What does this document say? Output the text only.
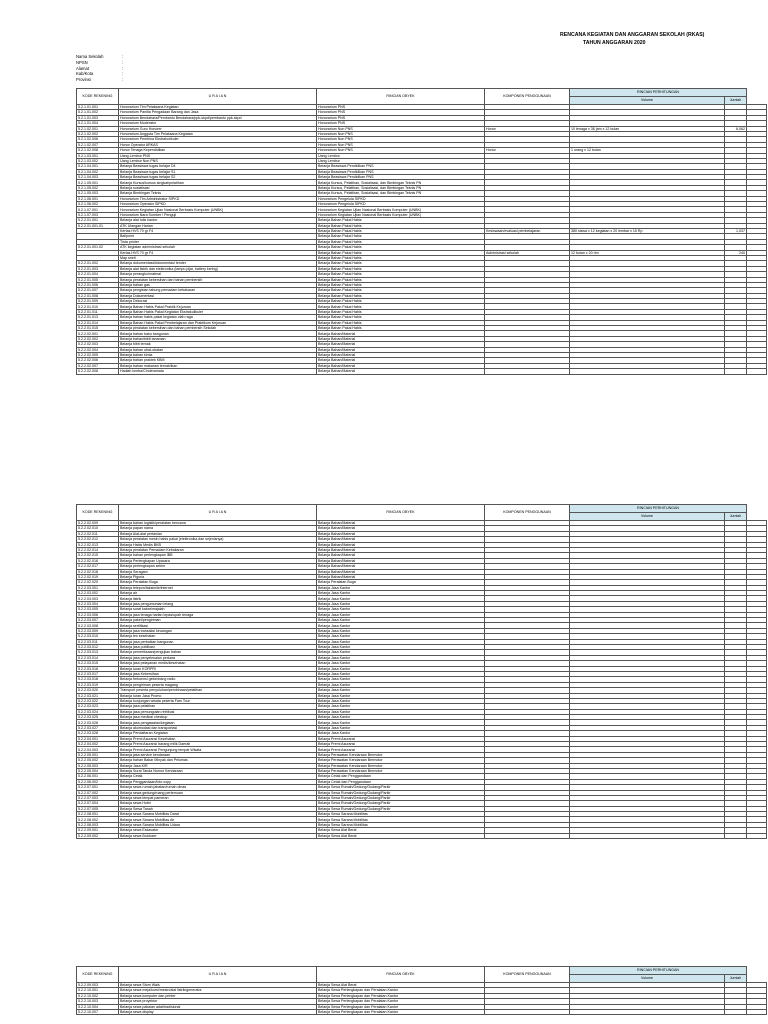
RENCANA KEGIATAN DAN ANGGARAN SEKOLAH (RKAS)
TAHUN ANGGARAN 2020
Nama Sekolah	:
NPSN	:
Alamat	:
Kab/Kota	:
Provinsi	:
KODE REKENING	U R A I A N	RINCIAN OBYEK	KOMPONEN PENGGUNAAN	RINCIAN PERHITUNGAN		
				Volume	Jumlah	
5.2.1.01.001	Honorarium Tim Pelaksana Kegiatan	Honorarium PNS				
5.2.1.01.002	Honorarium Panitia Pengadaan Barang dan Jasa	Honorarium PNS				
5.2.1.01.003	Honorarium Bendahara/Pembantu Bendahara/ppk-skpd/pembantu ppk-skpd	Honorarium PNS				
5.2.1.01.004	Honorarium Moderator	Honorarium PNS				
5.2.1.02.001	Honorarium Guru Honorer	Honorarium Non PNS	Honor	10 tenaga x 36 jam x 12 bulan	6,062	
5.2.1.02.002	Honorarium Anggota Tim Pelaksana Kegiatan	Honorarium Non PNS				
5.2.1.02.006	Honorarium Pembina Ekstrakurikuler	Honorarium Non PNS				
5.2.1.02.007	Honor Operator ARKAS	Honorarium Non PNS				
5.2.1.02.008	Honor Tenaga Kependidikan	Honorarium Non PNS	Honor	1 orang x 12 bulan		
5.2.1.03.001	Uang Lembur PNS	Uang Lembur				
5.2.1.03.002	Uang Lembur Non PNS	Uang Lembur				
5.2.1.04.001	Belanja Beasiswa tugas belajar D4	Belanja Beasiswa Pendidikan PNS				
5.2.1.04.002	Belanja Beasiswa tugas belajar S1	Belanja Beasiswa Pendidikan PNS				
5.2.1.04.003	Belanja Beasiswa tugas belajar S2	Belanja Beasiswa Pendidikan PNS				
5.2.1.05.001	Belanja Kursus/kursus singkat/pelatihan	Belanja Kursus, Pelatihan, Sosialisasi, dan Bimbingan Teknis PN				
5.2.1.05.002	Belanja sosialisasi	Belanja Kursus, Pelatihan, Sosialisasi, dan Bimbingan Teknis PN				
5.2.1.05.003	Belanja Bimbingan Teknis	Belanja Kursus, Pelatihan, Sosialisasi, dan Bimbingan Teknis PN				
5.2.1.06.001	Honorarium Tim Administrator SIPKD	Honorarium Pengelola SIPKD				
5.2.1.06.002	Honorarium Operator SIPKD	Honorarium Pengelola SIPKD				
5.2.1.07.001	Honorarium Kegiatan Ujian Nasional Berbasis Komputer (UNBK)	Honorarium Kegiatan Ujian Nasional Berbasis Komputer (UNBK)				
5.2.1.07.003	Honorarium Nara Sumber / Penguji	Honorarium Kegiatan Ujian Nasional Berbasis Komputer (UNBK)				
5.2.2.01.001	Belanja alat tulis kantor	Belanja Bahan Pakai Habis				
5.2.2.01.001.01	ATK Ulangan Harian	Belanja Bahan Pakai Habis				
	Kertas HVS 70 gr F4	Belanja Bahan Pakai Habis	Kesiswaan/evaluasi pembelajaran	380 siswa x 12 kegiatan x 20 lembar x 15 Rp	1,037	
	Ballpoint	Belanja Bahan Pakai Habis				
	Tinta printer	Belanja Bahan Pakai Habis				
5.2.2.01.001.02	ATK kegiatan administrasi sekolah	Belanja Bahan Pakai Habis				
	Kertas HVS 70 gr F4	Belanja Bahan Pakai Habis	Administrasi sekolah	12 bulan x 20 rim	240	
	Map snelt	Belanja Bahan Pakai Habis				
5.2.2.01.002	Belanja dokumentasi/dokumentasi tender	Belanja Bahan Pakai Habis				
5.2.2.01.003	Belanja alat listrik dan elektronika (lampu pijar, battery kering)	Belanja Bahan Pakai Habis				
5.2.2.01.004	Belanja perangko/materai	Belanja Bahan Pakai Habis				
5.2.2.01.005	Belanja peralatan kebersihan dan bahan pembersih	Belanja Bahan Pakai Habis				
5.2.2.01.006	Belanja bahan gas	Belanja Bahan Pakai Habis				
5.2.2.01.007	Belanja pengisian tabung pemadam kebakaran	Belanja Bahan Pakai Habis				
5.2.2.01.008	Belanja Dokumentasi	Belanja Bahan Pakai Habis				
5.2.2.01.009	Belanja Dekorasi	Belanja Bahan Pakai Habis				
5.2.2.01.010	Belanja Bahan Habis Pakai Praktik Kejuruan	Belanja Bahan Pakai Habis				
5.2.2.01.011	Belanja Bahan Habis Pakai Kegiatan Ekstrakulikuler	Belanja Bahan Pakai Habis				
5.2.2.01.013	Belanja bahan habis pakai kegiatan olah raga	Belanja Bahan Pakai Habis				
5.2.2.01.014	Belanja Bahan Habis Pakai Pembelajaran dan Praktikum Kejuruan	Belanja Bahan Pakai Habis				
5.2.2.01.015	Belanja peralatan kebersihan dan bahan pembersih Sekolah	Belanja Bahan Pakai Habis				
5.2.2.02.001	Belanja bahan baku bangunan	Belanja Bahan/Material				
5.2.2.02.002	Belanja bahan/bibit tanaman	Belanja Bahan/Material				
5.2.2.02.003	Belanja bibit ternak	Belanja Bahan/Material				
5.2.2.02.004	Belanja bahan obat-obatan	Belanja Bahan/Material				
5.2.2.02.005	Belanja bahan kimia	Belanja Bahan/Material				
5.2.2.02.006	Belanja bahan praktek KBM	Belanja Bahan/Material				
5.2.2.02.007	Belanja bahan makanan ternak/ikan	Belanja Bahan/Material				
5.2.2.02.008	Hadiah lomba/Cinderamata	Belanja Bahan/Material				
KODE REKENING	U R A I A N	RINCIAN OBYEK	KOMPONEN PENGGUNAAN	RINCIAN PERHITUNGAN		
				Volume	Jumlah	
5.2.2.02.009	Belanja bahan logistik/peralatan bencana	Belanja Bahan/Material				
5.2.2.02.010	Belanja papan nama	Belanja Bahan/Material				
5.2.2.02.011	Belanja Alat-alat pertanian	Belanja Bahan/Material				
5.2.2.02.012	Belanja peralatan mesin habis pakai (elektronika dan sejenisnya)	Belanja Bahan/Material				
5.2.2.02.013	Belanja Habis Medis BKB	Belanja Bahan/Material				
5.2.2.02.014	Belanja peralatan Pemadam Kebakaran	Belanja Bahan/Material				
5.2.2.02.015	Belanja bahan perlengkapan IBB	Belanja Bahan/Material				
5.2.2.02.016	Belanja Perlengkapan Upacara	Belanja Bahan/Material				
5.2.2.02.017	Belanja perlengkapan sekim	Belanja Bahan/Material				
5.2.2.02.018	Belanja Seragam	Belanja Bahan/Material				
5.2.2.02.019	Belanja Piguria	Belanja Bahan/Material				
5.2.2.02.020	Belanja Peralatan Buga	Belanja Peralatan Buga				
5.2.2.03.001	Belanja telepon/faksimile/internet	Belanja Jasa Kantor				
5.2.2.03.002	Belanja air	Belanja Jasa Kantor				
5.2.2.03.003	Belanja listrik	Belanja Jasa Kantor				
5.2.2.03.004	Belanja jasa pengumuman lelang	Belanja Jasa Kantor				
5.2.2.03.005	Belanja surat kabar/majalah	Belanja Jasa Kantor				
5.2.2.03.006	Belanja jasa tenaga harian lepas/upah tenaga	Belanja Jasa Kantor				
5.2.2.03.007	Belanja paket/pengiriman	Belanja Jasa Kantor				
5.2.2.03.008	Belanja sertifikasi	Belanja Jasa Kantor				
5.2.2.03.009	Belanja jasa transaksi keuangan	Belanja Jasa Kantor				
5.2.2.03.010	Belanja tes kesehatan	Belanja Jasa Kantor				
5.2.2.03.011	Belanja jasa perbaikan bangunan	Belanja Jasa Kantor				
5.2.2.03.012	Belanja jasa publikasi	Belanja Jasa Kantor				
5.2.2.03.013	Belanja pemeriksaan/pengujian bahan	Belanja Jasa Kantor				
5.2.2.03.014	Belanja jasa penyelesaian perkara	Belanja Jasa Kantor				
5.2.2.03.015	Belanja jasa pelayanan medis/kesehatan	Belanja Jasa Kantor				
5.2.2.03.016	Belanja Iuran KORPRI	Belanja Jasa Kantor				
5.2.2.03.017	Belanja jasa Kebersihan	Belanja Jasa Kantor				
5.2.2.03.018	Belanja frekuensi gelombang radio	Belanja Jasa Kantor				
5.2.2.03.019	Belanja pengiriman peserta magang	Belanja Jasa Kantor				
5.2.2.03.020	Transport peserta penyuluhan/pembinaan/pelatihan	Belanja Jasa Kantor				
5.2.2.03.021	Belanja Iuran Jasa Promo	Belanja Jasa Kantor				
5.2.2.03.022	Belanja kunjungan wisata peserta Fam Tour	Belanja Jasa Kantor				
5.2.2.03.023	Belanja jasa pelatihan	Belanja Jasa Kantor				
5.2.2.03.024	Belanja jasa pemungutan retribusi	Belanja Jasa Kantor				
5.2.2.03.025	Belanja jasa medical checkup	Belanja Jasa Kantor				
5.2.2.03.026	Belanja jasa pengawalan/kegiatan	Belanja Jasa Kantor				
5.2.2.03.027	Belanja akomodasi dan transportasi	Belanja Jasa Kantor				
5.2.2.03.028	Belanja Pendaftaran Kegiatan	Belanja Jasa Kantor				
5.2.2.04.001	Belanja Premi Asuransi Kesehatan	Belanja Premi Asuransi				
5.2.2.04.002	Belanja Premi Asuransi barang milik Daerah	Belanja Premi Asuransi				
5.2.2.04.003	Belanja Premi Asuransi Pengunjung tempat Wisata	Belanja Premi Asuransi				
5.2.2.05.001	Belanja jasa service kendaraan	Belanja Perawatan Kendaraan Bermotor				
5.2.2.05.002	Belanja bahan Bakar Minyak dan Pelumas	Belanja Perawatan Kendaraan Bermotor				
5.2.2.05.003	Belanja Jasa KIR	Belanja Perawatan Kendaraan Bermotor				
5.2.2.05.004	Belanja Surat Tanda Nomor Kendaraan	Belanja Perawatan Kendaraan Bermotor				
5.2.2.06.001	Belanja Cetak	Belanja Cetak dan Penggandaan				
5.2.2.06.002	Belanja Penggandaan/foto copy	Belanja Cetak dan Penggandaan				
5.2.2.07.001	Belanja sewa rumah jabatan/rumah dinas	Belanja Sewa Rumah/Gedung/Gudang/Parkir				
5.2.2.07.002	Belanja sewa gedung/ruang pertemuan	Belanja Sewa Rumah/Gedung/Gudang/Parkir				
5.2.2.07.003	Belanja sewa tempat pameran	Belanja Sewa Rumah/Gedung/Gudang/Parkir				
5.2.2.07.004	Belanja sewa Hotel	Belanja Sewa Rumah/Gedung/Gudang/Parkir				
5.2.2.07.005	Belanja Sewa Tanah	Belanja Sewa Rumah/Gedung/Gudang/Parkir				
5.2.2.08.001	Belanja sewa Sarana Mobilitas Darat	Belanja Sewa Sarana Mobilitas				
5.2.2.08.002	Belanja sewa Sarana Mobilitas Air	Belanja Sewa Sarana Mobilitas				
5.2.2.08.003	Belanja sewa Sarana Mobilitas Udara	Belanja Sewa Sarana Mobilitas				
5.2.2.09.001	Belanja sewa Eskavator	Belanja Sewa Alat Berat				
5.2.2.09.002	Belanja sewa Buldozer	Belanja Sewa Alat Berat				
KODE REKENING	U R A I A N	RINCIAN OBYEK	KOMPONEN PENGGUNAAN	RINCIAN PERHITUNGAN		
				Volume	Jumlah	
5.2.2.09.003	Belanja sewa Stom Wals	Belanja Sewa Alat Berat				
5.2.2.10.001	Belanja sewa meja/kursi/mesin/alat listrik/generator	Belanja Sewa Perlengkapan dan Peralatan Kantor				
5.2.2.10.002	Belanja sewa komputer dan printer	Belanja Sewa Perlengkapan dan Peralatan Kantor				
5.2.2.10.003	Belanja sewa proyektor	Belanja Sewa Perlengkapan dan Peralatan Kantor				
5.2.2.10.004	Belanja sewa pakaian adat/tradisional	Belanja Sewa Perlengkapan dan Peralatan Kantor				
5.2.2.10.007	Belanja sewa display	Belanja Sewa Perlengkapan dan Peralatan Kantor				
